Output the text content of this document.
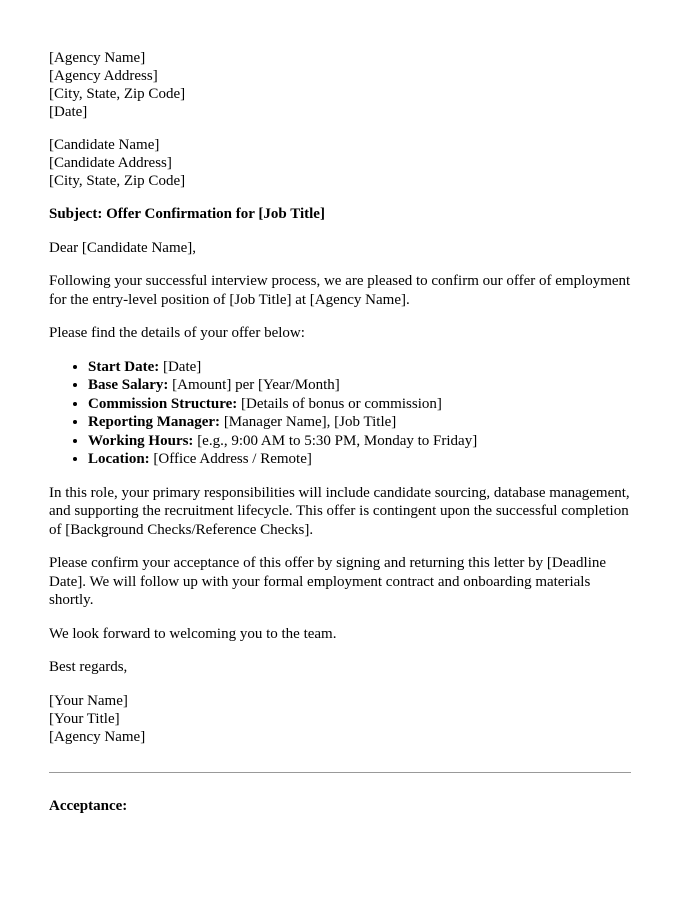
[Agency Name]
[Agency Address]
[City, State, Zip Code]
[Date]
[Candidate Name]
[Candidate Address]
[City, State, Zip Code]

Subject: Offer Confirmation for [Job Title]

Dear [Candidate Name],

Following your successful interview process, we are pleased to confirm our offer of employment for the entry-level position of [Job Title] at [Agency Name].

Please find the details of your offer below:

• Start Date: [Date]
• Base Salary: [Amount] per [Year/Month]
• Commission Structure: [Details of bonus or commission]
• Reporting Manager: [Manager Name], [Job Title]
• Working Hours: [e.g., 9:00 AM to 5:30 PM, Monday to Friday]
• Location: [Office Address / Remote]

In this role, your primary responsibilities will include candidate sourcing, database management, and supporting the recruitment lifecycle. This offer is contingent upon the successful completion of [Background Checks/Reference Checks].

Please confirm your acceptance of this offer by signing and returning this letter by [Deadline Date]. We will follow up with your formal employment contract and onboarding materials shortly.

We look forward to welcoming you to the team.

Best regards,

[Your Name]
[Your Title]
[Agency Name]
Acceptance:
